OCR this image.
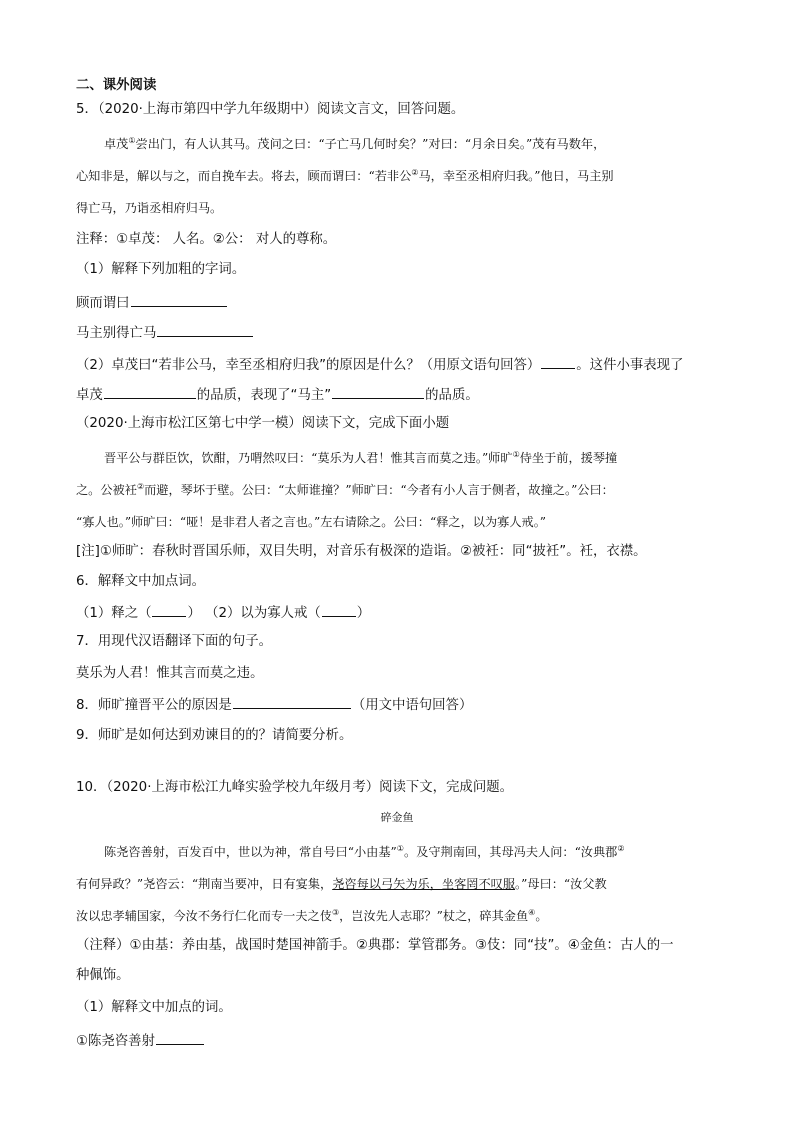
二、课外阅读
5．（2020·上海市第四中学九年级期中）阅读文言文，回答问题。
卓茂①尝出门，有人认其马。茂问之曰：“子亡马几何时矣？”对曰：“月余日矣。”茂有马数年，
心知非是，解以与之，而自挽车去。将去，顾而谓曰：“若非公②马，幸至丞相府归我。”他日，马主别
得亡马，乃诣丞相府归马。
注释：①卓茂： 人名。②公： 对人的尊称。
（1）解释下列加粗的字词。
顾而谓曰
马主别得亡马
（2）卓茂曰“若非公马，幸至丞相府归我”的原因是什么？（用原文语句回答）	。这件小事表现了
卓茂	的品质，表现了“马主”	的品质。
（2020·上海市松江区第七中学一模）阅读下文，完成下面小题
晋平公与群臣饮，饮酣，乃喟然叹曰：“莫乐为人君！惟其言而莫之违。”师旷①侍坐于前，援琴撞
之。公被衽②而避，琴坏于壁。公曰：“太师谁撞？”师旷曰：“今者有小人言于侧者，故撞之。”公曰：
“寡人也。”师旷曰：“哑！是非君人者之言也。”左右请除之。公曰：“释之，以为寡人戒。”
[注]①师旷：春秋时晋国乐师，双目失明，对音乐有极深的造诣。②被衽：同“披衽”。衽，衣襟。
6．解释文中加点词。
（1）释之（	） （2）以为寡人戒（	）
7．用现代汉语翻译下面的句子。
莫乐为人君！惟其言而莫之违。
8．师旷撞晋平公的原因是	（用文中语句回答）
9．师旷是如何达到劝谏目的的？请简要分析。
10．（2020·上海市松江九峰实验学校九年级月考）阅读下文，完成问题。
碎金鱼
陈尧咨善射，百发百中，世以为神，常自号曰“小由基”①。及守荆南回，其母冯夫人问：“汝典郡②
有何异政？”尧咨云：“荆南当要冲，日有宴集，尧咨每以弓矢为乐，坐客罔不叹服。”母曰：“汝父教
汝以忠孝辅国家，今汝不务行仁化而专一夫之伎③，岂汝先人志耶？”杖之，碎其金鱼④。
（注释）①由基：养由基，战国时楚国神箭手。②典郡：掌管郡务。③伎：同“技”。④金鱼：古人的一
种佩饰。
（1）解释文中加点的词。
①陈尧咨善射
